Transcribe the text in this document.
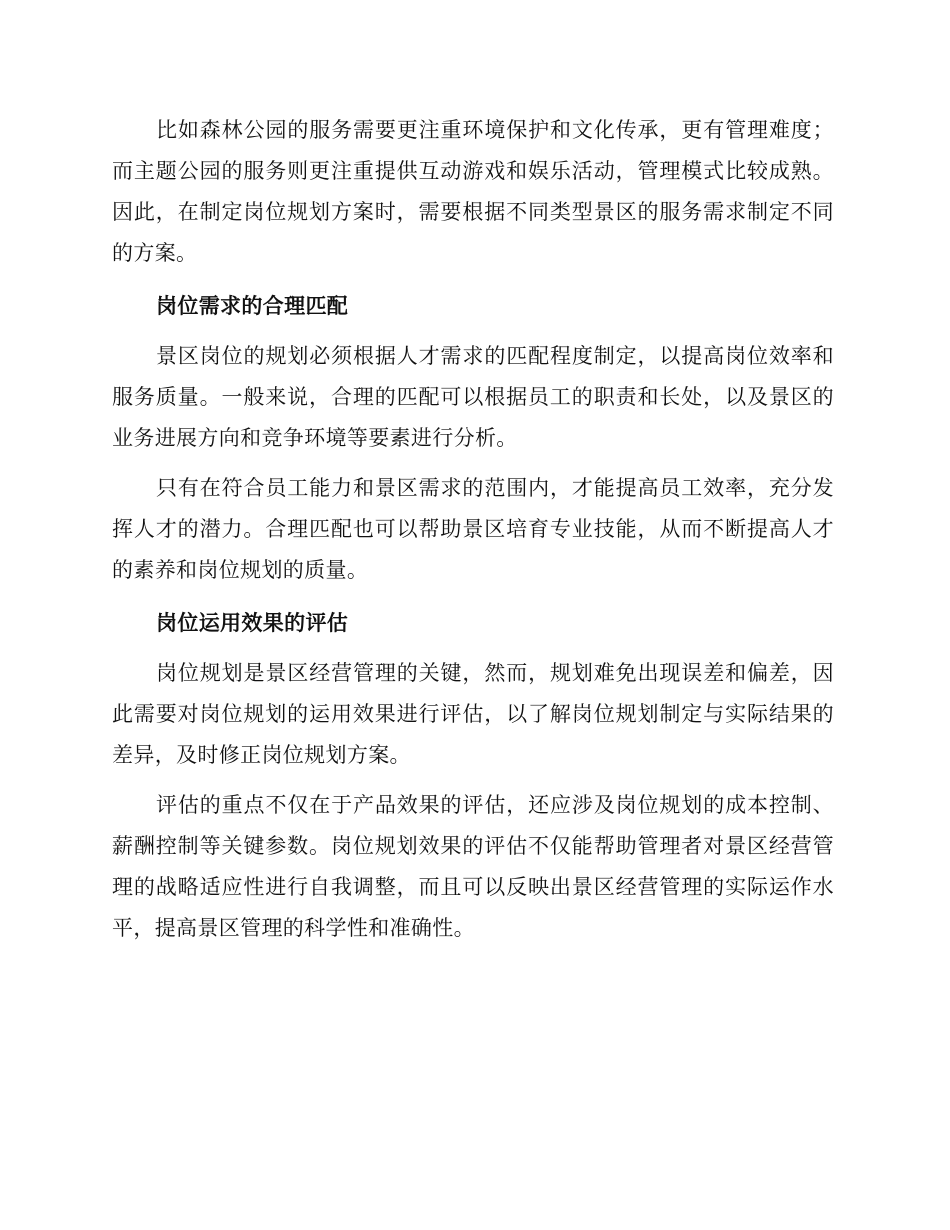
比如森林公园的服务需要更注重环境保护和文化传承，更有管理难度；而主题公园的服务则更注重提供互动游戏和娱乐活动，管理模式比较成熟。因此，在制定岗位规划方案时，需要根据不同类型景区的服务需求制定不同的方案。

岗位需求的合理匹配

景区岗位的规划必须根据人才需求的匹配程度制定，以提高岗位效率和服务质量。一般来说，合理的匹配可以根据员工的职责和长处，以及景区的业务进展方向和竞争环境等要素进行分析。

只有在符合员工能力和景区需求的范围内，才能提高员工效率，充分发挥人才的潜力。合理匹配也可以帮助景区培育专业技能，从而不断提高人才的素养和岗位规划的质量。

岗位运用效果的评估

岗位规划是景区经营管理的关键，然而，规划难免出现误差和偏差，因此需要对岗位规划的运用效果进行评估，以了解岗位规划制定与实际结果的差异，及时修正岗位规划方案。

评估的重点不仅在于产品效果的评估，还应涉及岗位规划的成本控制、薪酬控制等关键参数。岗位规划效果的评估不仅能帮助管理者对景区经营管理的战略适应性进行自我调整，而且可以反映出景区经营管理的实际运作水平，提高景区管理的科学性和准确性。
